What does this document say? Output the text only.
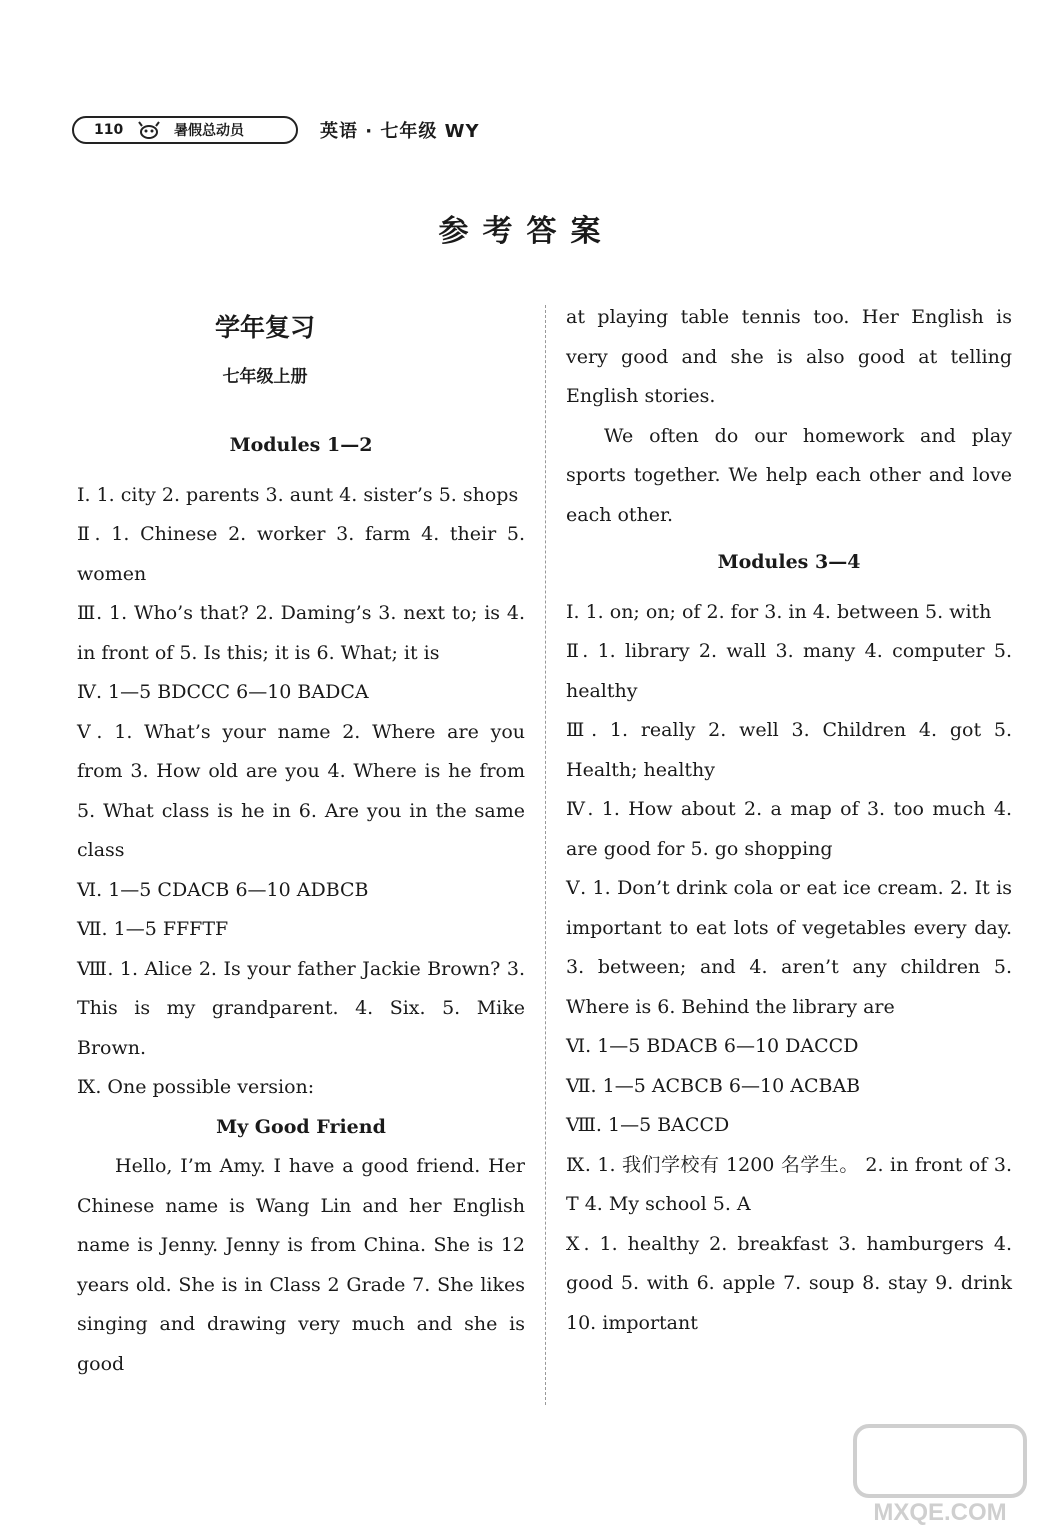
110	暑假总动员	英语 · 七年级 WY
参考答案
学年复习
七年级上册

Modules 1—2

Ⅰ. 1. city 2. parents 3. aunt 4. sister’s 5. shops

Ⅱ. 1. Chinese 2. worker 3. farm 4. their 5. women

Ⅲ. 1. Who’s that? 2. Daming’s 3. next to; is 4. in front of 5. Is this; it is 6. What; it is

Ⅳ. 1—5 BDCCC 6—10 BADCA

Ⅴ. 1. What’s your name 2. Where are you from 3. How old are you 4. Where is he from 5. What class is he in 6. Are you in the same class

Ⅵ. 1—5 CDACB 6—10 ADBCB

Ⅶ. 1—5 FFFTF

Ⅷ. 1. Alice 2. Is your father Jackie Brown? 3. This is my grandparent. 4. Six. 5. Mike Brown.

Ⅸ. One possible version:

My Good Friend

Hello, I’m Amy. I have a good friend. Her Chinese name is Wang Lin and her English name is Jenny. Jenny is from China. She is 12 years old. She is in Class 2 Grade 7. She likes singing and drawing very much and she is good

at playing table tennis too. Her English is very good and she is also good at telling English stories.

We often do our homework and play sports together. We help each other and love each other.

Modules 3—4

Ⅰ. 1. on; on; of 2. for 3. in 4. between 5. with

Ⅱ. 1. library 2. wall 3. many 4. computer 5. healthy

Ⅲ. 1. really 2. well 3. Children 4. got 5. Health; healthy

Ⅳ. 1. How about 2. a map of 3. too much 4. are good for 5. go shopping

Ⅴ. 1. Don’t drink cola or eat ice cream. 2. It is important to eat lots of vegetables every day. 3. between; and 4. aren’t any children 5. Where is 6. Behind the library are

Ⅵ. 1—5 BDACB 6—10 DACCD

Ⅶ. 1—5 ACBCB 6—10 ACBAB

Ⅷ. 1—5 BACCD

Ⅸ. 1. 我们学校有 1200 名学生。 2. in front of 3. T 4. My school 5. A

Ⅹ. 1. healthy 2. breakfast 3. hamburgers 4. good 5. with 6. apple 7. soup 8. stay 9. drink 10. important

MXQE.COM
